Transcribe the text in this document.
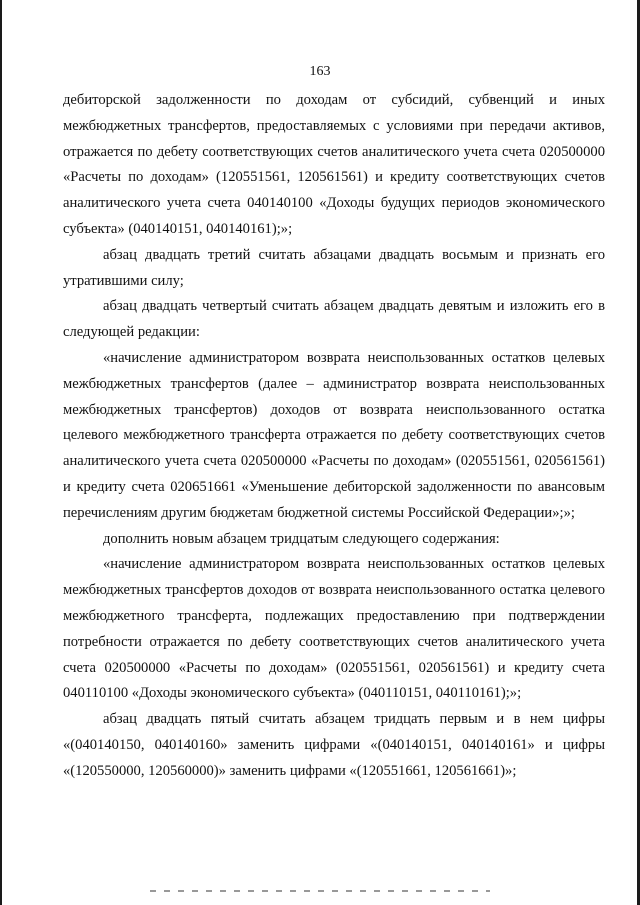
163

дебиторской задолженности по доходам от субсидий, субвенций и иных межбюджетных трансфертов, предоставляемых с условиями при передачи активов, отражается по дебету соответствующих счетов аналитического учета счета 020500000 «Расчеты по доходам» (120551561, 120561561) и кредиту соответствующих счетов аналитического учета счета 040140100 «Доходы будущих периодов экономического субъекта» (040140151, 040140161);»;

абзац двадцать третий считать абзацами двадцать восьмым и признать его утратившими силу;

абзац двадцать четвертый считать абзацем двадцать девятым и изложить его в следующей редакции:

«начисление администратором возврата неиспользованных остатков целевых межбюджетных трансфертов (далее – администратор возврата неиспользованных межбюджетных трансфертов) доходов от возврата неиспользованного остатка целевого межбюджетного трансферта отражается по дебету соответствующих счетов аналитического учета счета 020500000 «Расчеты по доходам» (020551561, 020561561) и кредиту счета 020651661 «Уменьшение дебиторской задолженности по авансовым перечислениям другим бюджетам бюджетной системы Российской Федерации»;»;

дополнить новым абзацем тридцатым следующего содержания:

«начисление администратором возврата неиспользованных остатков целевых межбюджетных трансфертов доходов от возврата неиспользованного остатка целевого межбюджетного трансферта, подлежащих предоставлению при подтверждении потребности отражается по дебету соответствующих счетов аналитического учета счета 020500000 «Расчеты по доходам» (020551561, 020561561) и кредиту счета 040110100 «Доходы экономического субъекта» (040110151, 040110161);»;

абзац двадцать пятый считать абзацем тридцать первым и в нем цифры «(040140150, 040140160» заменить цифрами «(040140151, 040140161» и цифры «(120550000, 120560000)» заменить цифрами «(120551661, 120561661)»;
